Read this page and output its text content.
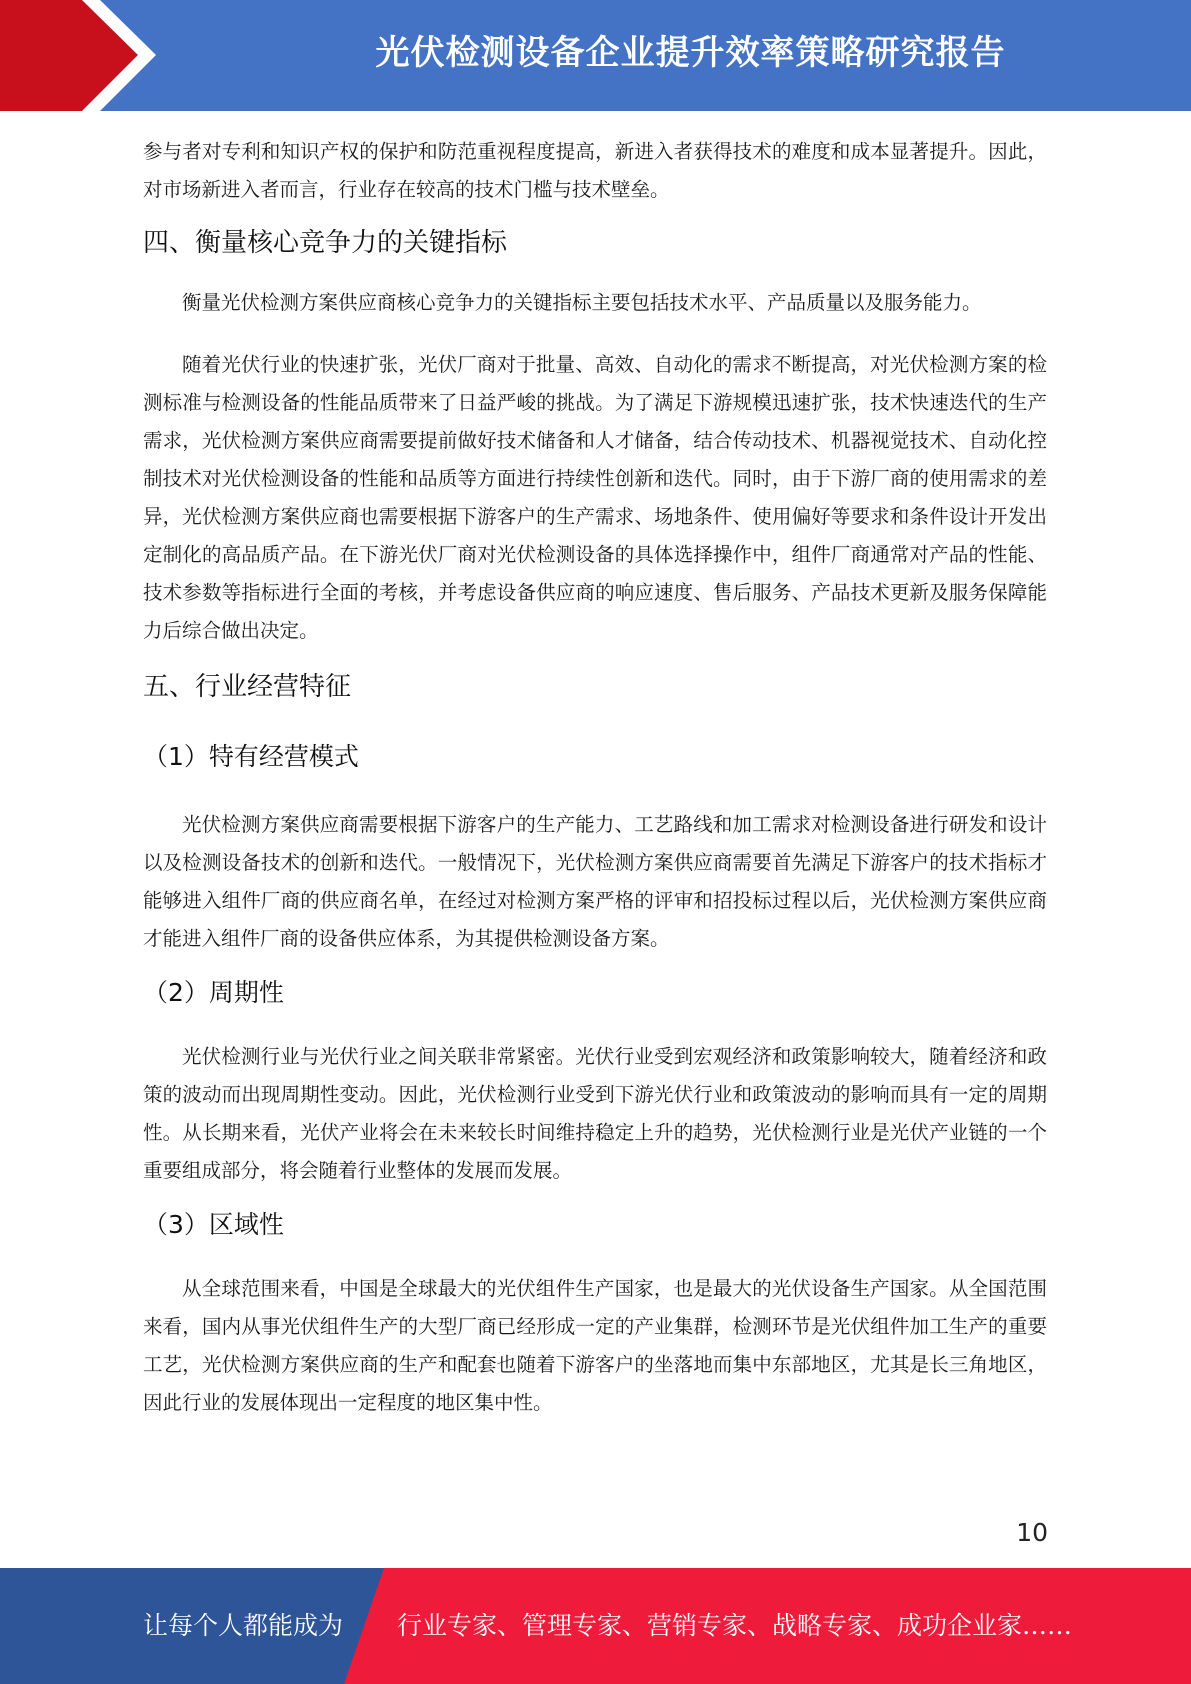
光伏检测设备企业提升效率策略研究报告

参与者对专利和知识产权的保护和防范重视程度提高，新进入者获得技术的难度和成本显著提升。因此，对市场新进入者而言，行业存在较高的技术门槛与技术壁垒。

四、衡量核心竞争力的关键指标

衡量光伏检测方案供应商核心竞争力的关键指标主要包括技术水平、产品质量以及服务能力。

随着光伏行业的快速扩张，光伏厂商对于批量、高效、自动化的需求不断提高，对光伏检测方案的检测标准与检测设备的性能品质带来了日益严峻的挑战。为了满足下游规模迅速扩张，技术快速迭代的生产需求，光伏检测方案供应商需要提前做好技术储备和人才储备，结合传动技术、机器视觉技术、自动化控制技术对光伏检测设备的性能和品质等方面进行持续性创新和迭代。同时，由于下游厂商的使用需求的差异，光伏检测方案供应商也需要根据下游客户的生产需求、场地条件、使用偏好等要求和条件设计开发出定制化的高品质产品。在下游光伏厂商对光伏检测设备的具体选择操作中，组件厂商通常对产品的性能、技术参数等指标进行全面的考核，并考虑设备供应商的响应速度、售后服务、产品技术更新及服务保障能力后综合做出决定。

五、行业经营特征
（1）特有经营模式

光伏检测方案供应商需要根据下游客户的生产能力、工艺路线和加工需求对检测设备进行研发和设计以及检测设备技术的创新和迭代。一般情况下，光伏检测方案供应商需要首先满足下游客户的技术指标才能够进入组件厂商的供应商名单，在经过对检测方案严格的评审和招投标过程以后，光伏检测方案供应商才能进入组件厂商的设备供应体系，为其提供检测设备方案。

（2）周期性

光伏检测行业与光伏行业之间关联非常紧密。光伏行业受到宏观经济和政策影响较大，随着经济和政策的波动而出现周期性变动。因此，光伏检测行业受到下游光伏行业和政策波动的影响而具有一定的周期性。从长期来看，光伏产业将会在未来较长时间维持稳定上升的趋势，光伏检测行业是光伏产业链的一个重要组成部分，将会随着行业整体的发展而发展。

（3）区域性

从全球范围来看，中国是全球最大的光伏组件生产国家，也是最大的光伏设备生产国家。从全国范围来看，国内从事光伏组件生产的大型厂商已经形成一定的产业集群，检测环节是光伏组件加工生产的重要工艺，光伏检测方案供应商的生产和配套也随着下游客户的坐落地而集中东部地区，尤其是长三角地区，因此行业的发展体现出一定程度的地区集中性。

10
让每个人都能成为 行业专家、管理专家、营销专家、战略专家、成功企业家……
